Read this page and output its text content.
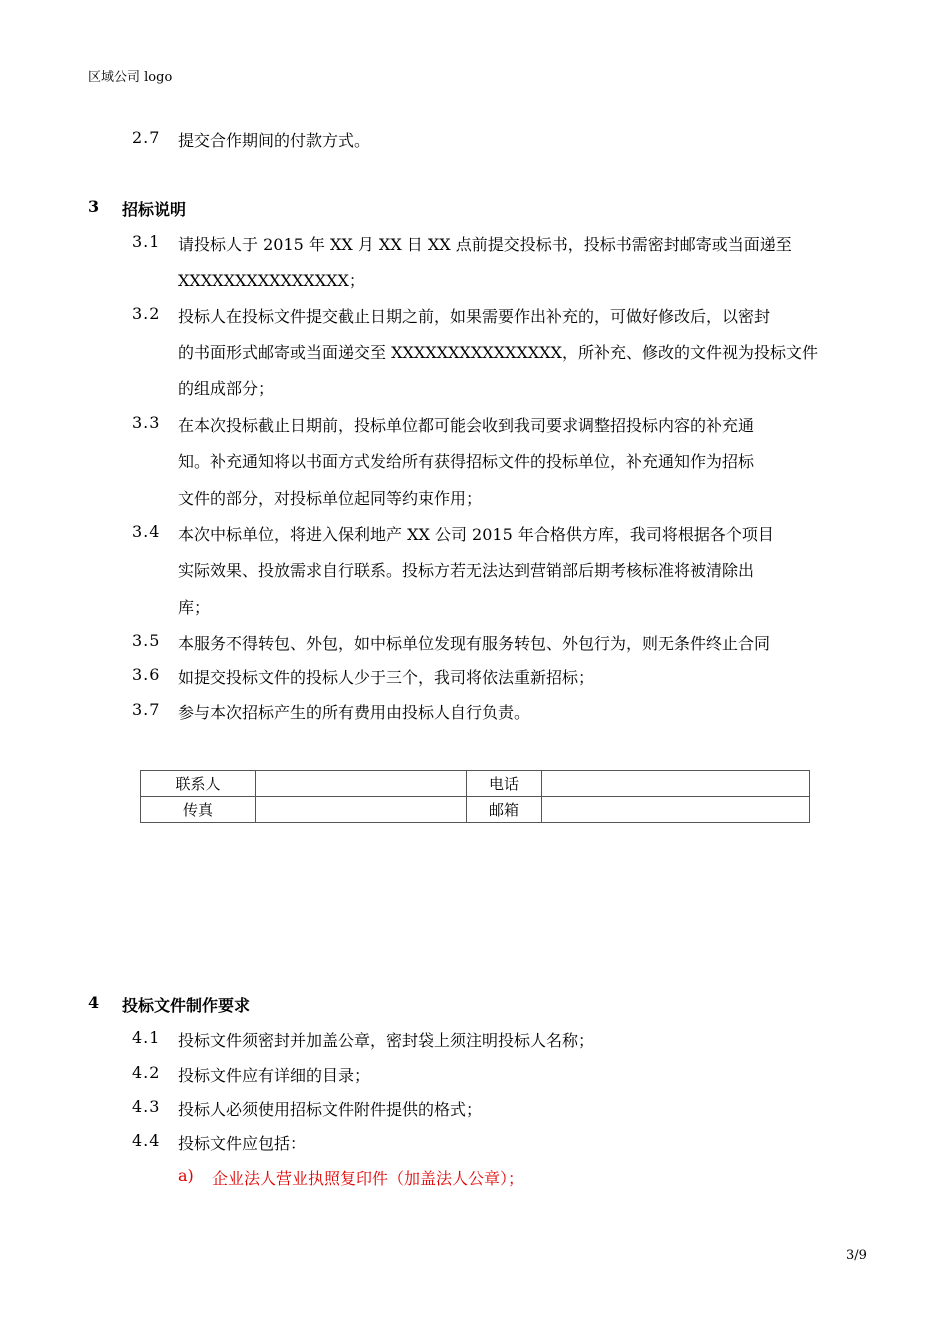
区域公司 logo
2.7 提交合作期间的付款方式。
3 招标说明
3.1 请投标人于 2015 年 XX 月 XX 日 XX 点前提交投标书，投标书需密封邮寄或当面递至
XXXXXXXXXXXXXXX；
3.2 投标人在投标文件提交截止日期之前，如果需要作出补充的，可做好修改后，以密封
的书面形式邮寄或当面递交至 XXXXXXXXXXXXXXX，所补充、修改的文件视为投标文件
的组成部分；
3.3 在本次投标截止日期前，投标单位都可能会收到我司要求调整招投标内容的补充通
知。补充通知将以书面方式发给所有获得招标文件的投标单位，补充通知作为招标
文件的部分，对投标单位起同等约束作用；
3.4 本次中标单位，将进入保利地产 XX 公司 2015 年合格供方库，我司将根据各个项目
实际效果、投放需求自行联系。投标方若无法达到营销部后期考核标准将被清除出
库；
3.5 本服务不得转包、外包，如中标单位发现有服务转包、外包行为，则无条件终止合同
3.6 如提交投标文件的投标人少于三个，我司将依法重新招标；
3.7 参与本次招标产生的所有费用由投标人自行负责。
联系人		电话	
传真		邮箱	
4 投标文件制作要求
4.1 投标文件须密封并加盖公章，密封袋上须注明投标人名称；
4.2 投标文件应有详细的目录；
4.3 投标人必须使用招标文件附件提供的格式；
4.4 投标文件应包括：
a) 企业法人营业执照复印件（加盖法人公章）；
3/9
